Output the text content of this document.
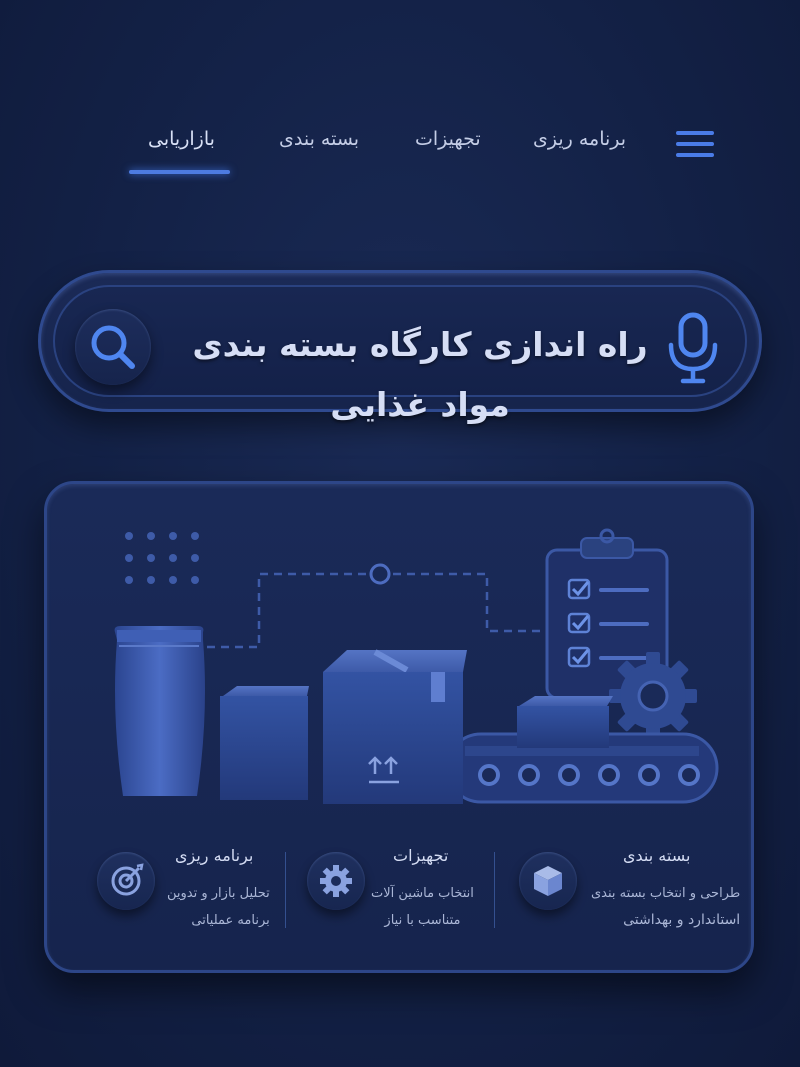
بازاریابی	بسته بندی	تجهیزات	برنامه ریزی
راه اندازی کارگاه بسته بندی مواد غذایی
برنامه ریزی
تحلیل بازار و تدوین
برنامه عملیاتی
تجهیزات
انتخاب ماشین آلات
متناسب با نیاز
بسته بندی
طراحی و انتخاب بسته بندی
استاندارد و بهداشتی
